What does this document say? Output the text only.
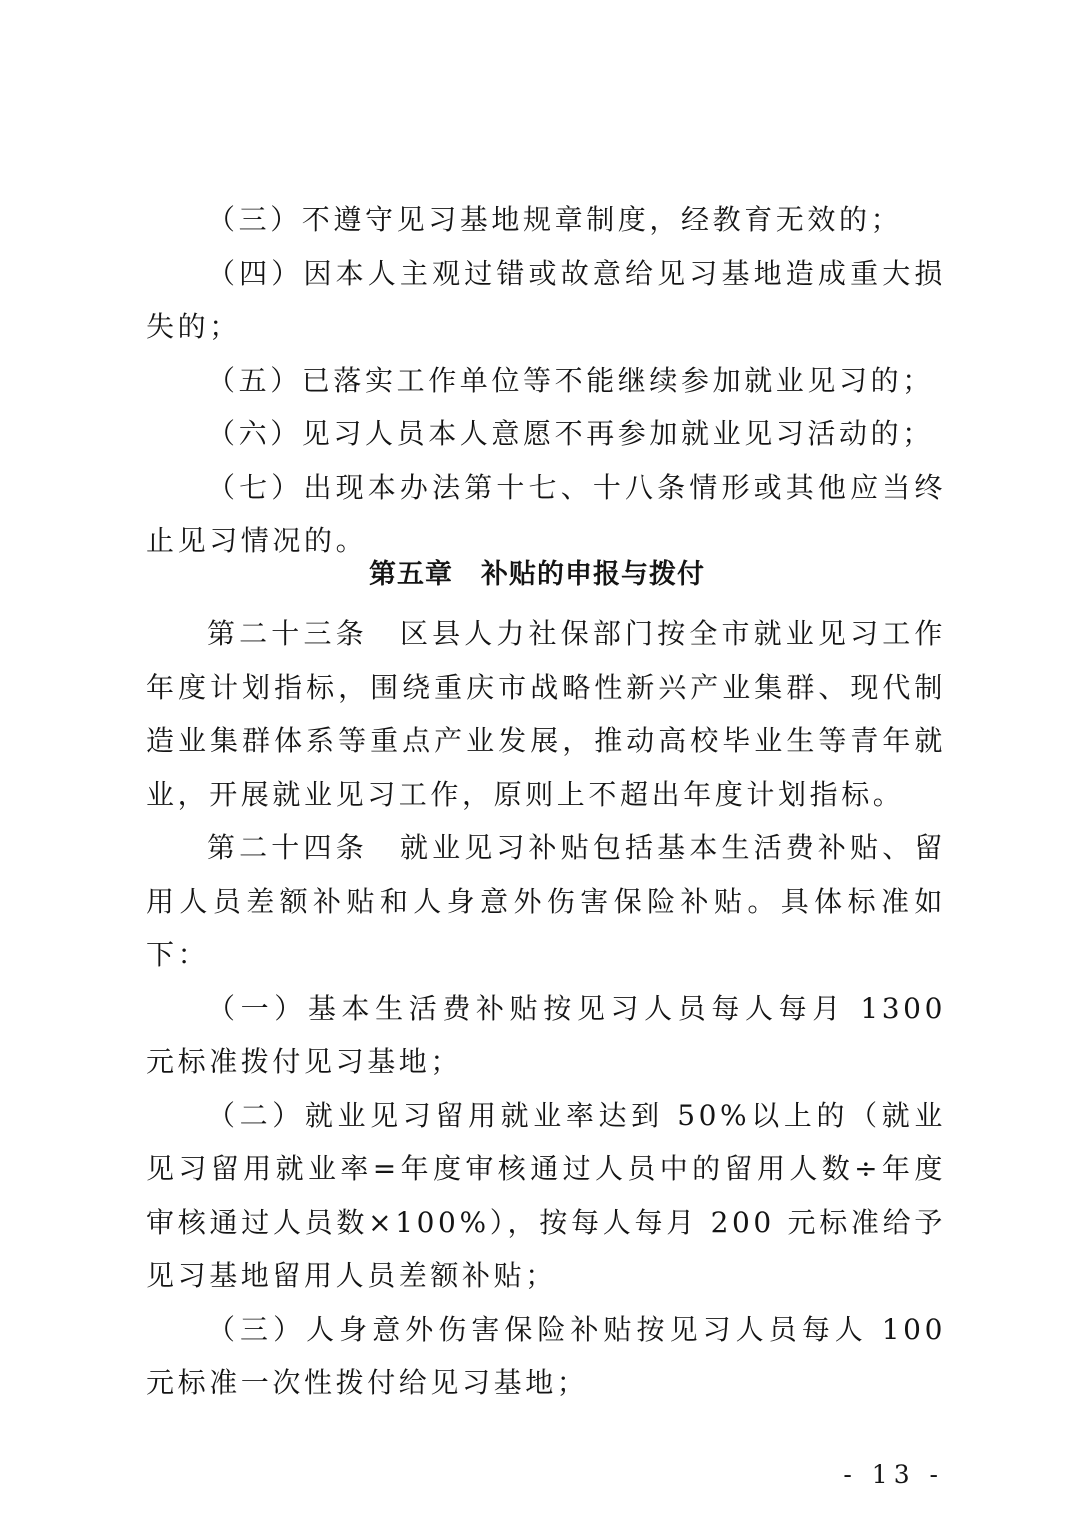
（三）不遵守见习基地规章制度，经教育无效的；

（四）因本人主观过错或故意给见习基地造成重大损失的；

（五）已落实工作单位等不能继续参加就业见习的；

（六）见习人员本人意愿不再参加就业见习活动的；

（七）出现本办法第十七、十八条情形或其他应当终止见习情况的。

第五章 补贴的申报与拨付

第二十三条　 区县人力社保部门按全市就业见习工作年度计划指标，围绕重庆市战略性新兴产业集群、现代制造业集群体系等重点产业发展，推动高校毕业生等青年就业，开展就业见习工作，原则上不超出年度计划指标。

第二十四条　 就业见习补贴包括基本生活费补贴、留用人员差额补贴和人身意外伤害保险补贴。具体标准如下：

（一）基本生活费补贴按见习人员每人每月 1300 元标准拨付见习基地；

（二）就业见习留用就业率达到 50%以上的（就业见习留用就业率=年度审核通过人员中的留用人数÷年度审核通过人员数×100%），按每人每月 200 元标准给予见习基地留用人员差额补贴；

（三）人身意外伤害保险补贴按见习人员每人 100 元标准一次性拨付给见习基地；

- 13 -
